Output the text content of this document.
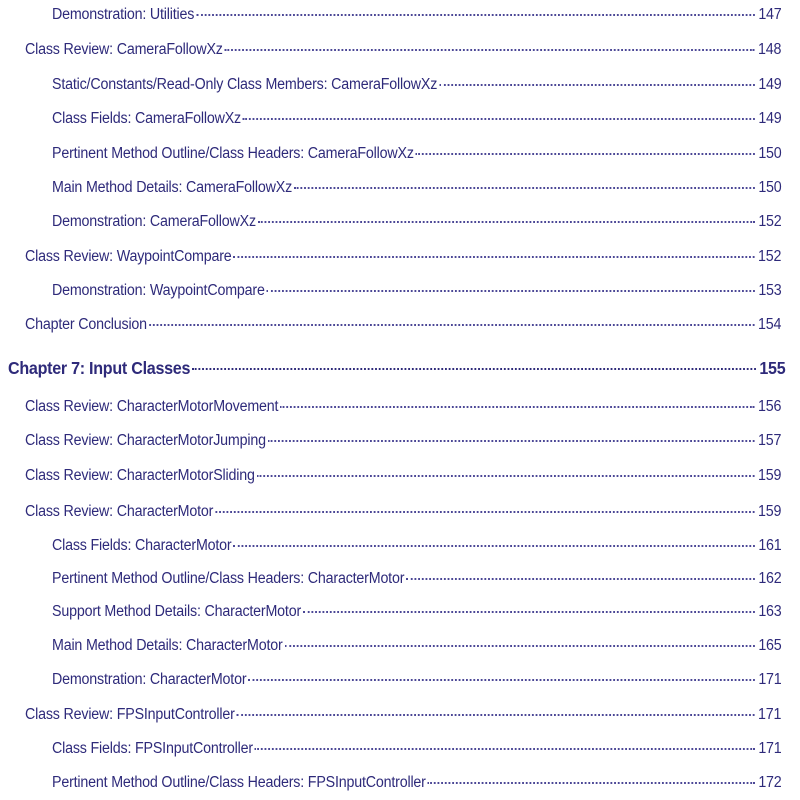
Demonstration: Utilities	147
Class Review: CameraFollowXz	148
Static/Constants/Read-Only Class Members: CameraFollowXz	149
Class Fields: CameraFollowXz	149
Pertinent Method Outline/Class Headers: CameraFollowXz	150
Main Method Details: CameraFollowXz	150
Demonstration: CameraFollowXz	152
Class Review: WaypointCompare	152
Demonstration: WaypointCompare	153
Chapter Conclusion	154
Chapter 7: Input Classes	155
Class Review: CharacterMotorMovement	156
Class Review: CharacterMotorJumping	157
Class Review: CharacterMotorSliding	159
Class Review: CharacterMotor	159
Class Fields: CharacterMotor	161
Pertinent Method Outline/Class Headers: CharacterMotor	162
Support Method Details: CharacterMotor	163
Main Method Details: CharacterMotor	165
Demonstration: CharacterMotor	171
Class Review: FPSInputController	171
Class Fields: FPSInputController	171
Pertinent Method Outline/Class Headers: FPSInputController	172
